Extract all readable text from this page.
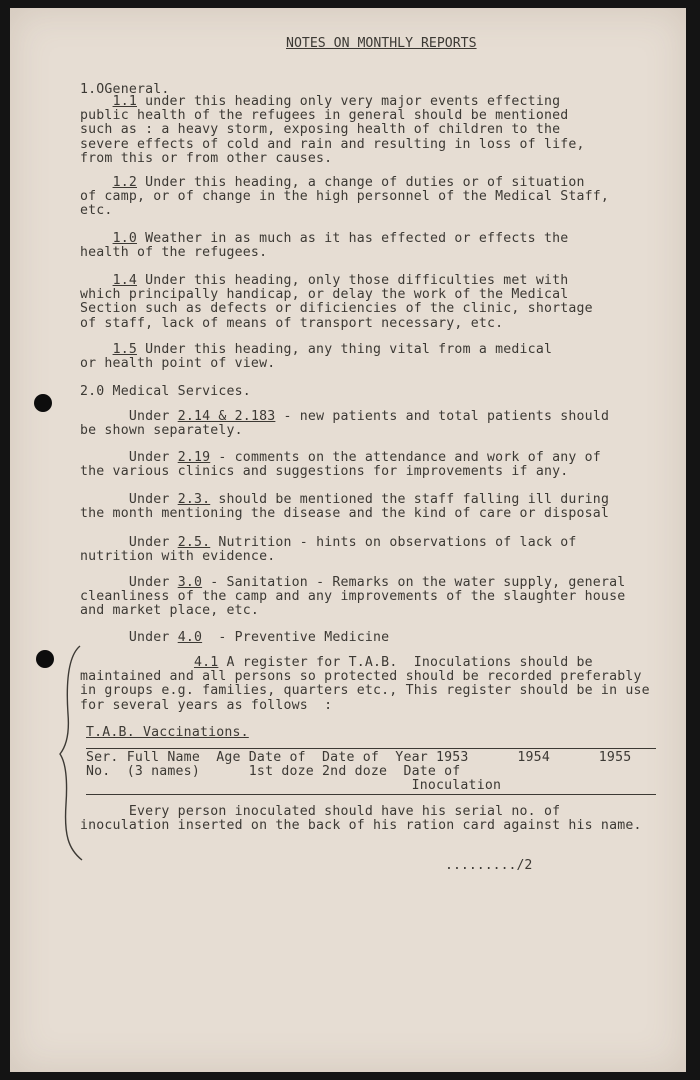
NOTES ON MONTHLY REPORTS
1.OGeneral.
1.1 under this heading only very major events effecting
public health of the refugees in general should be mentioned
such as : a heavy storm, exposing health of children to the
severe effects of cold and rain and resulting in loss of life,
from this or from other causes.
1.2 Under this heading, a change of duties or of situation
of camp, or of change in the high personnel of the Medical Staff,
etc.
1.0 Weather in as much as it has effected or effects the
health of the refugees.
1.4 Under this heading, only those difficulties met with
which principally handicap, or delay the work of the Medical
Section such as defects or dificiencies of the clinic, shortage
of staff, lack of means of transport necessary, etc.
1.5 Under this heading, any thing vital from a medical
or health point of view.
2.0 Medical Services.
Under 2.14 & 2.183 - new patients and total patients should
be shown separately.
Under 2.19 - comments on the attendance and work of any of
the various clinics and suggestions for improvements if any.
Under 2.3. should be mentioned the staff falling ill during
the month mentioning the disease and the kind of care or disposal
Under 2.5. Nutrition - hints on observations of lack of
nutrition with evidence.
Under 3.0 - Sanitation - Remarks on the water supply, general
cleanliness of the camp and any improvements of the slaughter house
and market place, etc.
Under 4.0  - Preventive Medicine
4.1 A register for T.A.B.  Inoculations should be
maintained and all persons so protected should be recorded preferably
in groups e.g. families, quarters etc., This register should be in use
for several years as follows  :
T.A.B. Vaccinations.
Ser. Full Name  Age Date of  Date of  Year 1953      1954      1955
No.  (3 names)      1st doze 2nd doze  Date of
Inoculation
Every person inoculated should have his serial no. of
inoculation inserted on the back of his ration card against his name.
........./2
